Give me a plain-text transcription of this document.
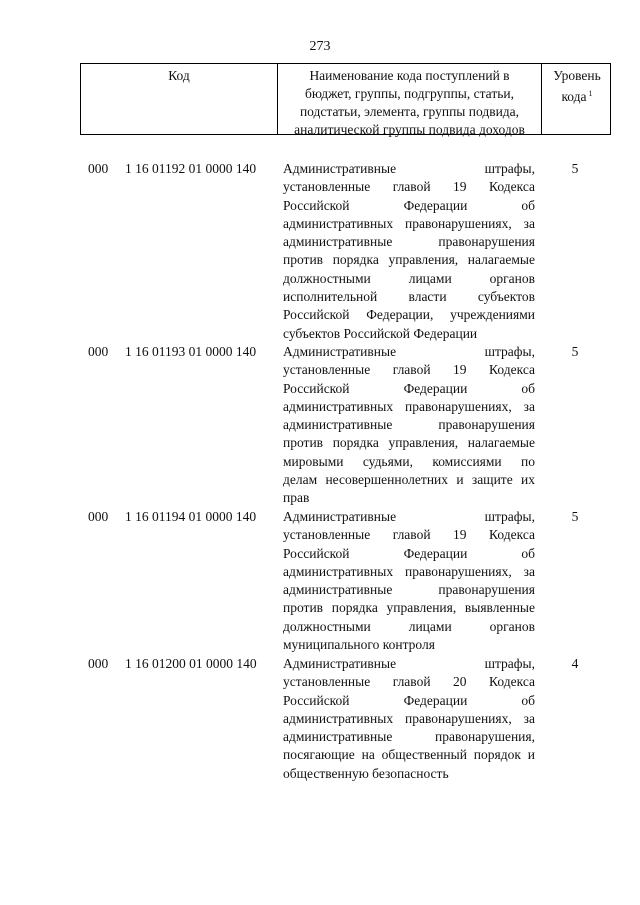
273
Код	Наименование кода поступлений в
бюджет, группы, подгруппы, статьи,
подстатьи, элемента, группы подвида,
аналитической группы подвида доходов
Уровень
кода $^1$
000 1 16 01192 01 0000 140 Административные штрафы,
установленные главой 19 Кодекса
Российской Федерации об
административных правонарушениях, за
административные правонарушения
против порядка управления, налагаемые
должностными лицами органов
исполнительной власти субъектов
Российской Федерации, учреждениями
субъектов Российской Федерации
5
000 1 16 01193 01 0000 140 Административные штрафы,
установленные главой 19 Кодекса
Российской Федерации об
административных правонарушениях, за
административные правонарушения
против порядка управления, налагаемые
мировыми судьями, комиссиями по
делам несовершеннолетних и защите их
прав
5
000 1 16 01194 01 0000 140 Административные штрафы,
установленные главой 19 Кодекса
Российской Федерации об
административных правонарушениях, за
административные правонарушения
против порядка управления, выявленные
должностными лицами органов
муниципального контроля
5
000 1 16 01200 01 0000 140 Административные штрафы,
установленные главой 20 Кодекса
Российской Федерации об
административных правонарушениях, за
административные правонарушения,
посягающие на общественный порядок и
общественную безопасность
4
